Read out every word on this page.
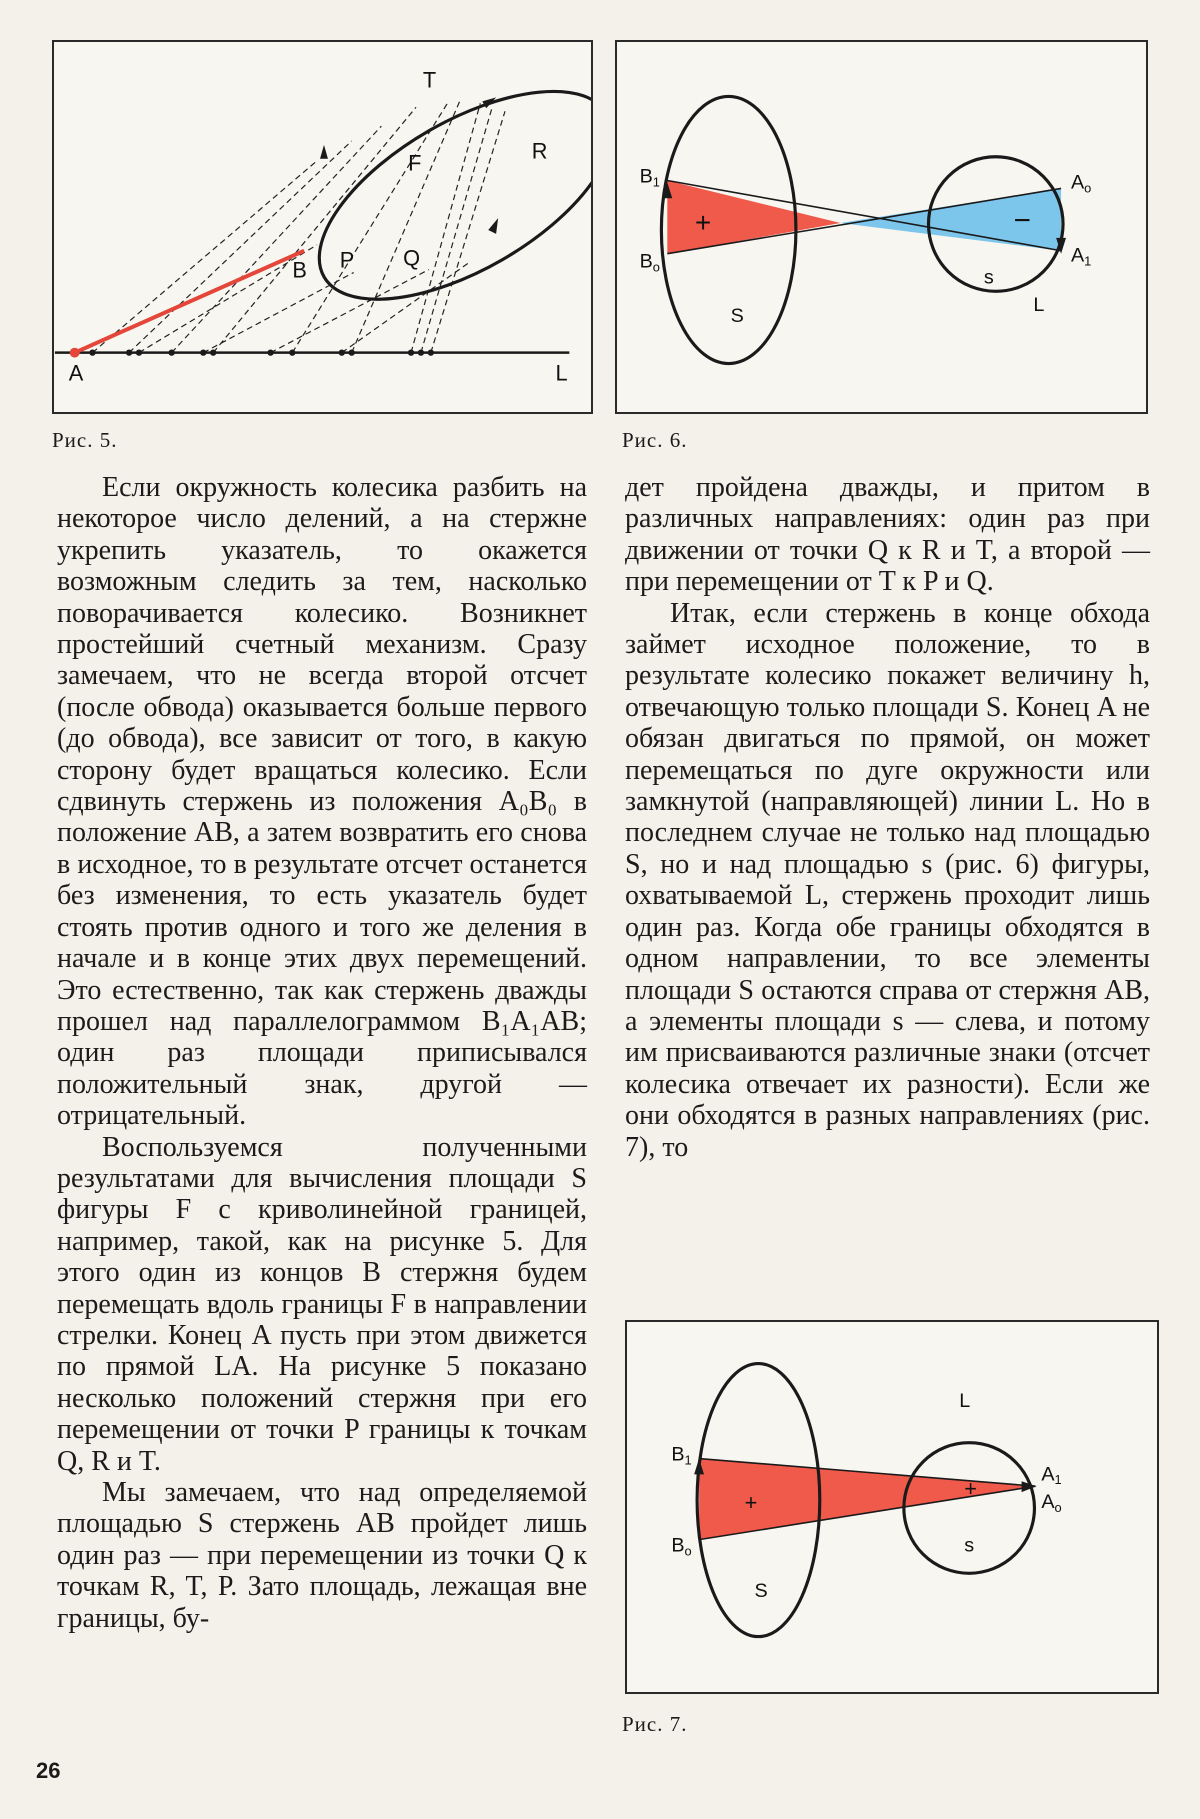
T
R
F
B P Q
A	L
Рис. 5.
$B_1$
$B_o$
S
+
$A_o$
$A_1$
−
s
L
Рис. 6.

Если окружность колесика разбить на некоторое число делений, а на стержне укрепить указатель, то окажется возможным следить за тем, насколько поворачивается колесико. Возникнет простейший счетный механизм. Сразу замечаем, что не всегда второй отсчет (после обвода) оказывается больше первого (до обвода), все зависит от того, в какую сторону будет вращаться колесико. Если сдвинуть стержень из положения A₀B₀ в положение AB, а затем возвратить его снова в исходное, то в результате отсчет останется без изменения, то есть указатель будет стоять против одного и того же деления в начале и в конце этих двух перемещений. Это естественно, так как стержень дважды прошел над параллелограммом B₁A₁AB; один раз площади приписывался положительный знак, другой — отрицательный.

Воспользуемся полученными результатами для вычисления площади S фигуры F с криволинейной границей, например, такой, как на рисунке 5. Для этого один из концов B стержня будем перемещать вдоль границы F в направлении стрелки. Конец A пусть при этом движется по прямой LA. На рисунке 5 показано несколько положений стержня при его перемещении от точки P границы к точкам Q, R и T.

Мы замечаем, что над определяемой площадью S стержень AB пройдет лишь один раз — при перемещении из точки Q к точкам R, T, P. Зато площадь, лежащая вне границы, бу-

дет пройдена дважды, и притом в различных направлениях: один раз при движении от точки Q к R и T, а второй — при перемещении от T к P и Q.

Итак, если стержень в конце обхода займет исходное положение, то в результате колесико покажет величину h, отвечающую только площади S. Конец A не обязан двигаться по прямой, он может перемещаться по дуге окружности или замкнутой (направляющей) линии L. Но в последнем случае не только над площадью S, но и над площадью s (рис. 6) фигуры, охватываемой L, стержень проходит лишь один раз. Когда обе границы обходятся в одном направлении, то все элементы площади S остаются справа от стержня AB, а элементы площади s — слева, и потому им присваиваются различные знаки (отсчет колесика отвечает их разности). Если же они обходятся в разных направлениях (рис. 7), то

L
$B_1$
$B_o$
S
+
+
$A_1$
$A_o$
s
Рис. 7.
26
